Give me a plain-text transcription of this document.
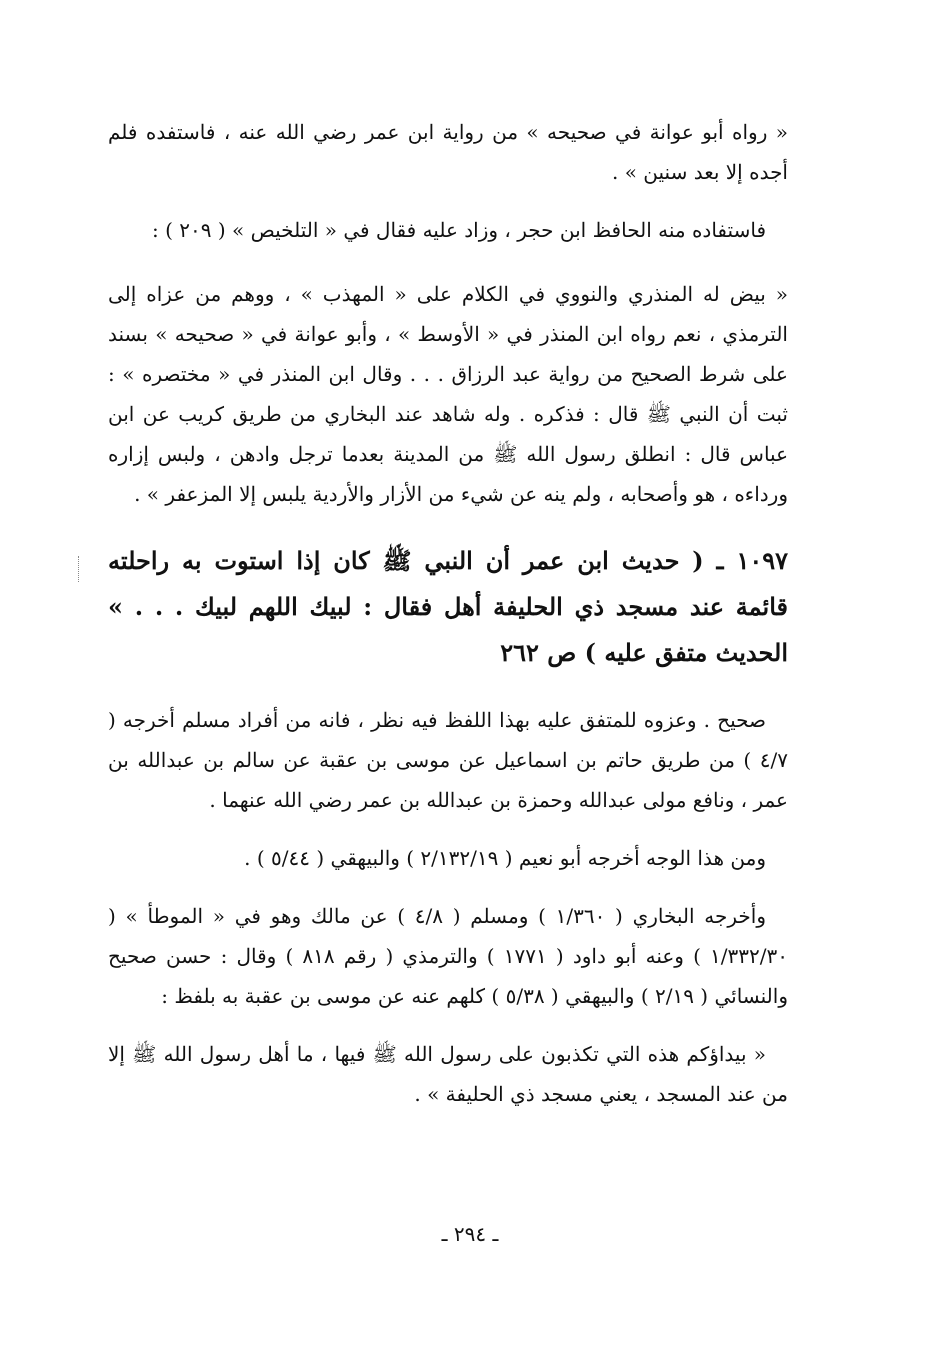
« رواه أبو عوانة في صحيحه » من رواية ابن عمر رضي الله عنه ، فاستفده فلم أجده إلا بعد سنين » .

فاستفاده منه الحافظ ابن حجر ، وزاد عليه فقال في « التلخيص » ( ٢٠٩ ) :

« بيض له المنذري والنووي في الكلام على « المهذب » ، ووهم من عزاه إلى الترمذي ، نعم رواه ابن المنذر في « الأوسط » ، وأبو عوانة في « صحيحه » بسند على شرط الصحيح من رواية عبد الرزاق . . . وقال ابن المنذر في « مختصره » : ثبت أن النبي ﷺ قال : فذكره . وله شاهد عند البخاري من طريق كريب عن ابن عباس قال : انطلق رسول الله ﷺ من المدينة بعدما ترجل وادهن ، ولبس إزاره ورداءه ، هو وأصحابه ، ولم ينه عن شيء من الأزار والأردية يلبس إلا المزعفر » .

١٠٩٧ ـ ( حديث ابن عمر أن النبي ﷺ كان إذا استوت به راحلته قائمة عند مسجد ذي الحليفة أهل فقال : لبيك اللهم لبيك . . . » الحديث متفق عليه ) ص ٢٦٢

صحيح . وعزوه للمتفق عليه بهذا اللفظ فيه نظر ، فانه من أفراد مسلم أخرجه ( ٤/٧ ) من طريق حاتم بن اسماعيل عن موسى بن عقبة عن سالم بن عبدالله بن عمر ، ونافع مولى عبدالله وحمزة بن عبدالله بن عمر رضي الله عنهما .

ومن هذا الوجه أخرجه أبو نعيم ( ٢/١٣٢/١٩ ) والبيهقي ( ٥/٤٤ ) .

وأخرجه البخاري ( ١/٣٦٠ ) ومسلم ( ٤/٨ ) عن مالك وهو في « الموطأ » ( ١/٣٣٢/٣٠ ) وعنه أبو داود ( ١٧٧١ ) والترمذي ( رقم ٨١٨ ) وقال : حسن صحيح والنسائي ( ٢/١٩ ) والبيهقي ( ٥/٣٨ ) كلهم عنه عن موسى بن عقبة به بلفظ :

« بيداؤكم هذه التي تكذبون على رسول الله ﷺ فيها ، ما أهل رسول الله ﷺ إلا من عند المسجد ، يعني مسجد ذي الحليفة » .

ـ ٢٩٤ ـ
